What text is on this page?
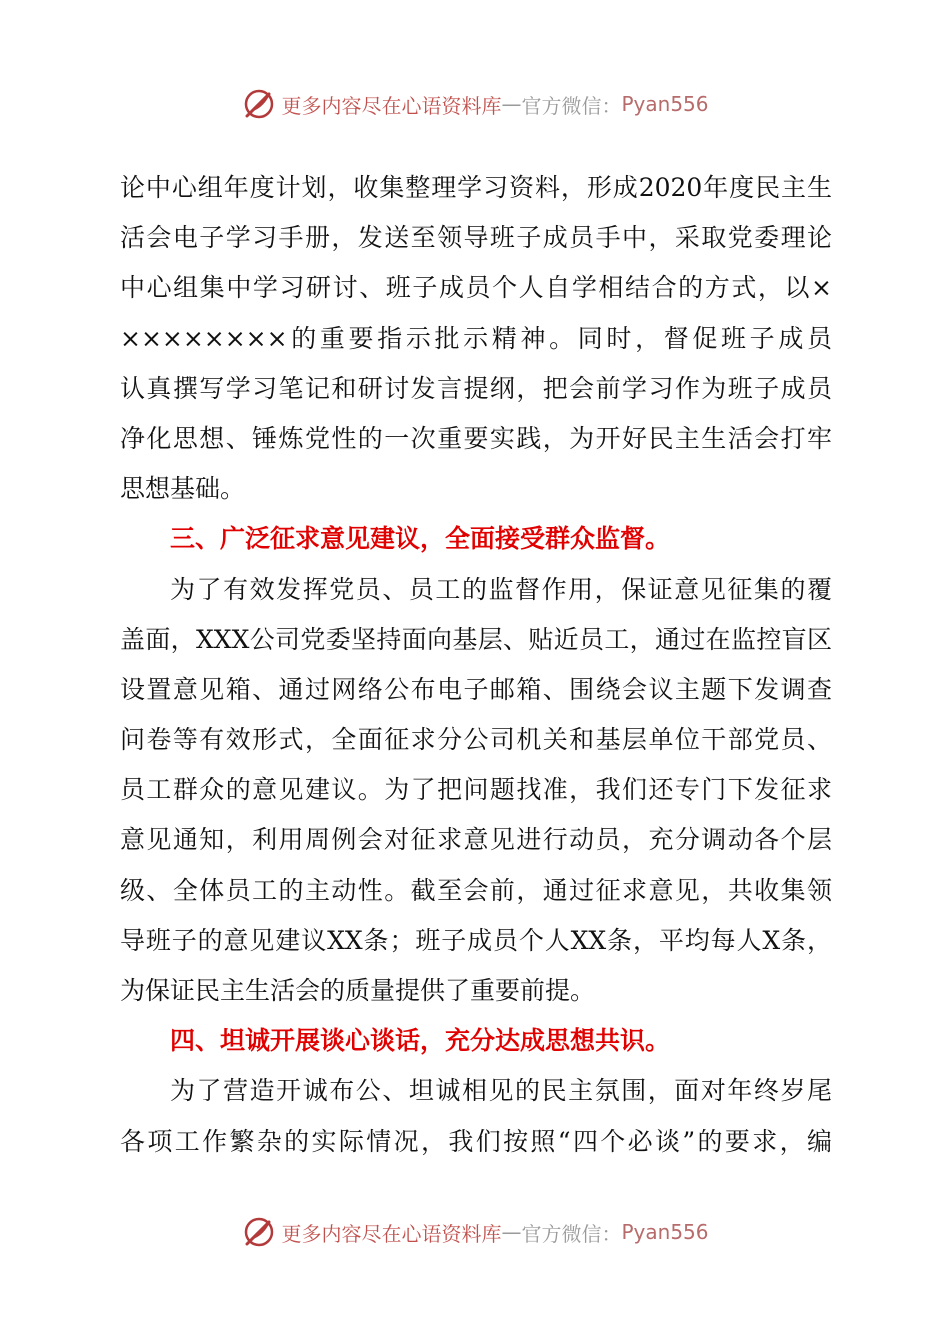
更多内容尽在心语资料库 — 官方微信： Pyan556

论中心组年度计划，收集整理学习资料，形成2020年度民主生

活会电子学习手册，发送至领导班子成员手中，采取党委理论

中心组集中学习研讨、班子成员个人自学相结合的方式，以×

××××××××的重要指示批示精神。同时，督促班子成员

认真撰写学习笔记和研讨发言提纲，把会前学习作为班子成员

净化思想、锤炼党性的一次重要实践，为开好民主生活会打牢

思想基础。

三、广泛征求意见建议，全面接受群众监督。

为了有效发挥党员、员工的监督作用，保证意见征集的覆

盖面，XXX公司党委坚持面向基层、贴近员工，通过在监控盲区

设置意见箱、通过网络公布电子邮箱、围绕会议主题下发调查

问卷等有效形式，全面征求分公司机关和基层单位干部党员、

员工群众的意见建议。为了把问题找准，我们还专门下发征求

意见通知，利用周例会对征求意见进行动员，充分调动各个层

级、全体员工的主动性。截至会前，通过征求意见，共收集领

导班子的意见建议XX条；班子成员个人XX条，平均每人X条，

为保证民主生活会的质量提供了重要前提。

四、坦诚开展谈心谈话，充分达成思想共识。

为了营造开诚布公、坦诚相见的民主氛围，面对年终岁尾

各项工作繁杂的实际情况，我们按照“四个必谈”的要求，编

更多内容尽在心语资料库 — 官方微信： Pyan556
